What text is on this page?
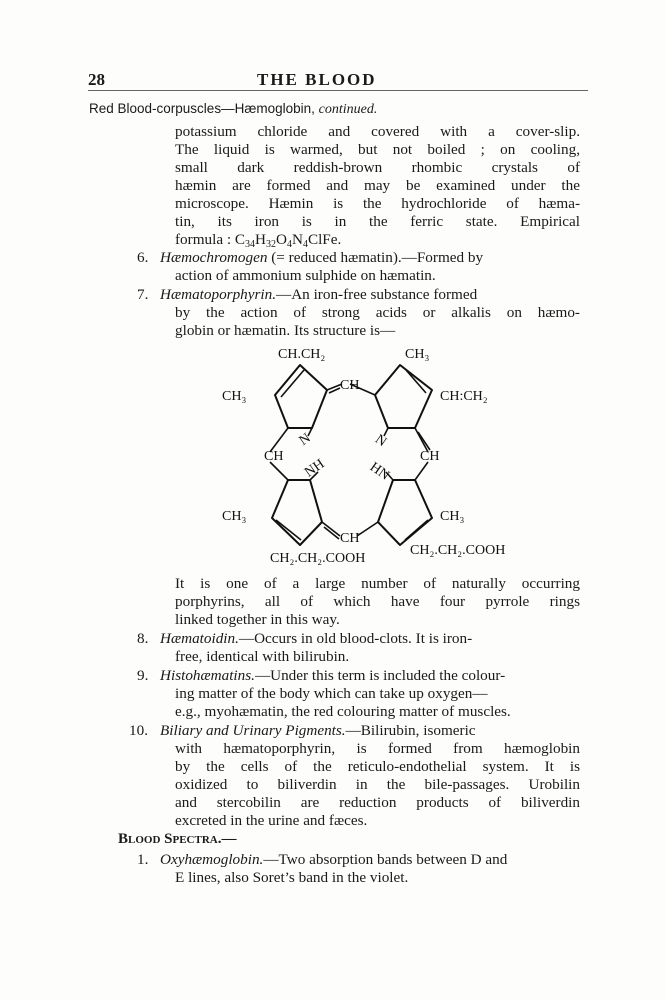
28	THE BLOOD
Red Blood-corpuscles—Hæmoglobin, continued.
potassium chloride and covered with a cover-slip.
The liquid is warmed, but not boiled ; on cooling,
small dark reddish-brown rhombic crystals of
hæmin are formed and may be examined under the
microscope. Hæmin is the hydrochloride of hæma-
tin, its iron is in the ferric state. Empirical
formula : $C_{34}H_{32}O_4N_4ClFe$.
6. Hæmochromogen (= reduced hæmatin).—Formed by
action of ammonium sulphide on hæmatin.
7. Hæmatoporphyrin.—An iron-free substance formed
by the action of strong acids or alkalis on hæmo-
globin or hæmatin. Its structure is—
CH.CH₂	CH₃
CH₃	CH:CH₂
CH
CH	CH
CH
N	N
NH	HN
CH₃	CH₃
CH₂.CH₂.COOH
CH₂.CH₂.COOH
It is one of a large number of naturally occurring
porphyrins, all of which have four pyrrole rings
linked together in this way.
8. Hæmatoidin.—Occurs in old blood-clots. It is iron-
free, identical with bilirubin.
9. Histohæmatins.—Under this term is included the colour-
ing matter of the body which can take up oxygen—
e.g., myohæmatin, the red colouring matter of muscles.
10. Biliary and Urinary Pigments.—Bilirubin, isomeric
with hæmatoporphyrin, is formed from hæmoglobin
by the cells of the reticulo-endothelial system. It is
oxidized to biliverdin in the bile-passages. Urobilin
and stercobilin are reduction products of biliverdin
excreted in the urine and fæces.
Blood Spectra.—
1. Oxyhæmoglobin.—Two absorption bands between D and
E lines, also Soret’s band in the violet.
